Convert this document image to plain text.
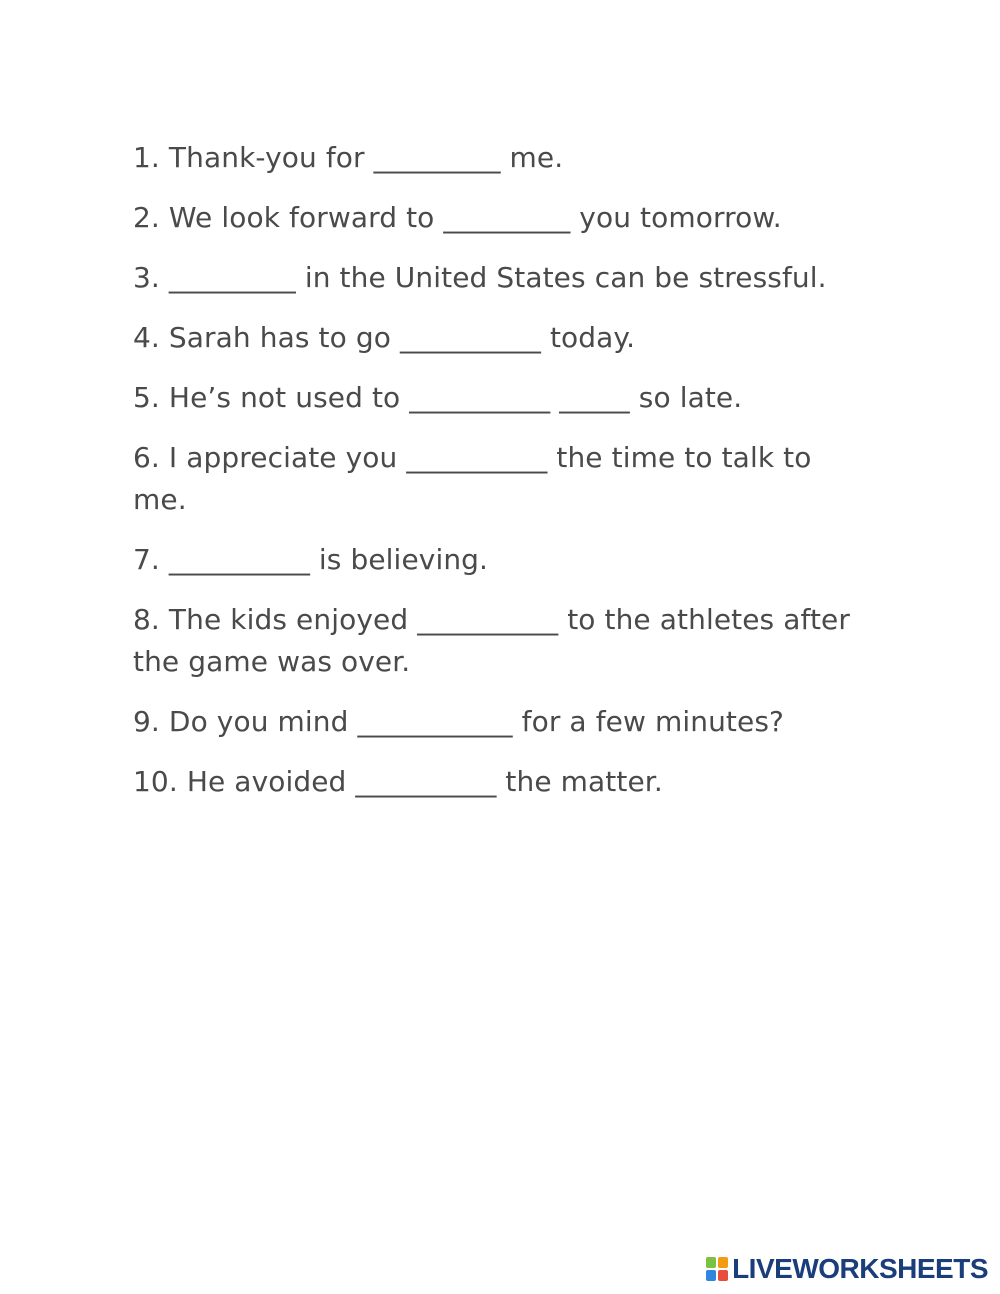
1. Thank-you for _________ me.

2. We look forward to _________ you tomorrow.

3. _________ in the United States can be stressful.

4. Sarah has to go __________ today.

5. He’s not used to __________ _____ so late.

6. I appreciate you __________ the time to talk to me.

7. __________ is believing.

8. The kids enjoyed __________ to the athletes after the game was over.

9. Do you mind ___________ for a few minutes?

10. He avoided __________ the matter.

LIVEWORKSHEETS
